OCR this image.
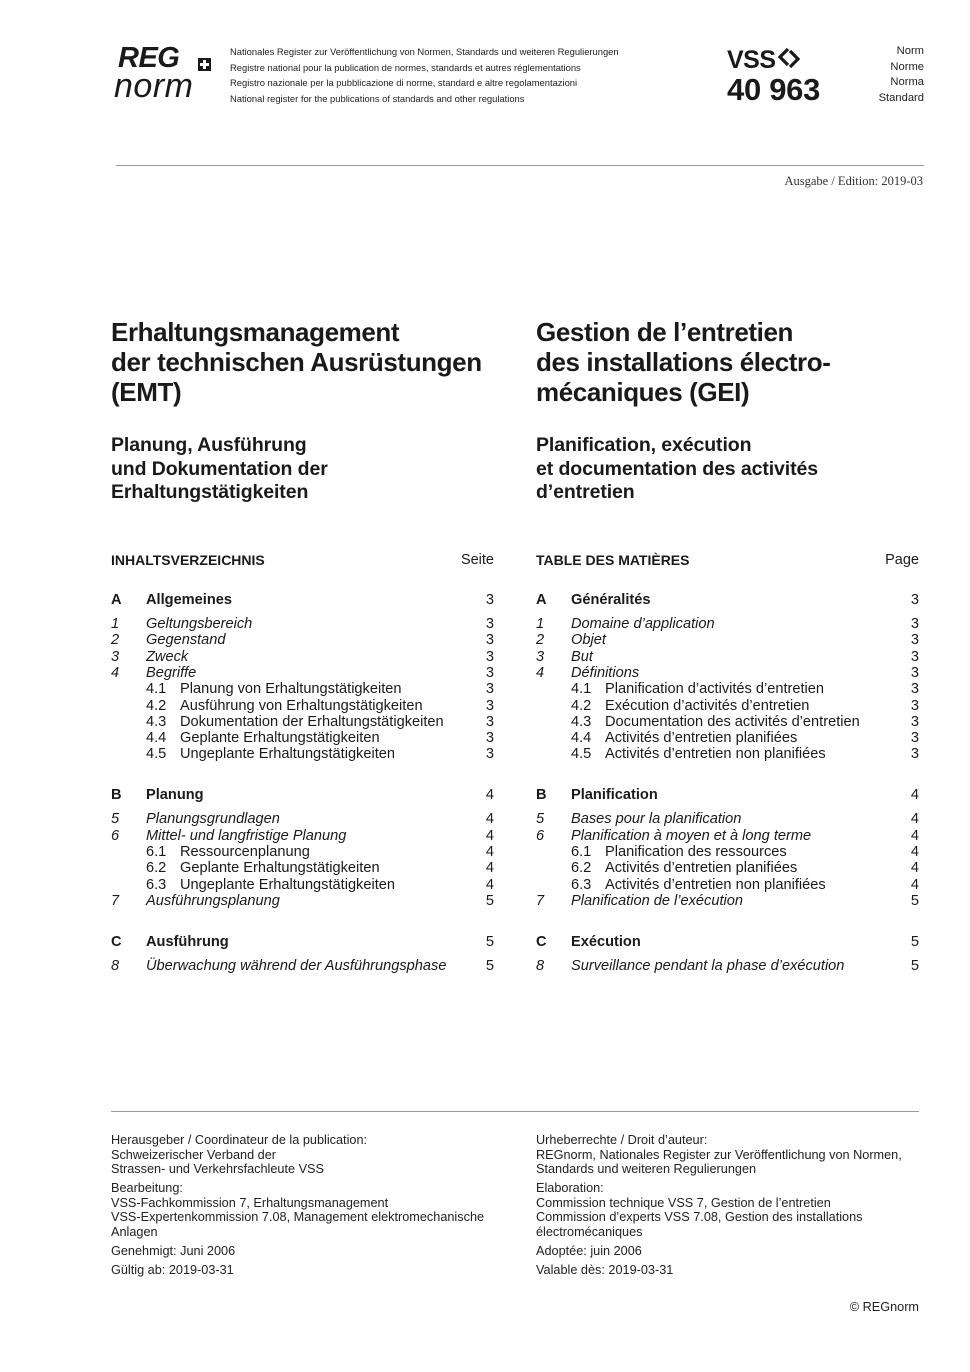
REG
norm
Nationales Register zur Veröffentlichung von Normen, Standards und weiteren Regulierungen
Registre national pour la publication de normes, standards et autres réglementations
Registro nazionale per la pubblicazione di norme, standard e altre regolamentazioni
National register for the publications of standards and other regulations
VSS
40 963
Norm
Norme
Norma
Standard
Ausgabe / Edition: 2019-03
Erhaltungsmanagement
der technischen Ausrüstungen
(EMT)
Gestion de l’entretien
des installations électro-
mécaniques (GEI)
Planung, Ausführung
und Dokumentation der
Erhaltungstätigkeiten
Planification, exécution
et documentation des activités
d’entretien
INHALTSVERZEICHNIS	Seite	TABLE DES MATIÈRES	Page
A Allgemeines	3
1 Geltungsbereich	3
2 Gegenstand	3
3 Zweck	3
4 Begriffe	3
4.1 Planung von Erhaltungstätigkeiten	3
4.2 Ausführung von Erhaltungstätigkeiten	3
4.3 Dokumentation der Erhaltungstätigkeiten	3
4.4 Geplante Erhaltungstätigkeiten	3
4.5 Ungeplante Erhaltungstätigkeiten	3
B Planung	4
5 Planungsgrundlagen	4
6 Mittel- und langfristige Planung	4
6.1 Ressourcenplanung	4
6.2 Geplante Erhaltungstätigkeiten	4
6.3 Ungeplante Erhaltungstätigkeiten	4
7 Ausführungsplanung	5
C Ausführung	5
8 Überwachung während der Ausführungsphase	5
A Généralités	3
1 Domaine d’application	3
2 Objet	3
3 But	3
4 Définitions	3
4.1 Planification d’activités d’entretien	3
4.2 Exécution d’activités d’entretien	3
4.3 Documentation des activités d’entretien	3
4.4 Activités d’entretien planifiées	3
4.5 Activités d’entretien non planifiées	3
B Planification	4
5 Bases pour la planification	4
6 Planification à moyen et à long terme	4
6.1 Planification des ressources	4
6.2 Activités d’entretien planifiées	4
6.3 Activités d’entretien non planifiées	4
7 Planification de l’exécution	5
C Exécution	5
8 Surveillance pendant la phase d’exécution	5

Herausgeber / Coordinateur de la publication:
Schweizerischer Verband der
Strassen- und Verkehrsfachleute VSS

Bearbeitung:
VSS-Fachkommission 7, Erhaltungsmanagement
VSS-Expertenkommission 7.08, Management elektromechanische
Anlagen

Genehmigt: Juni 2006

Gültig ab: 2019-03-31

Urheberrechte / Droit d’auteur:
REGnorm, Nationales Register zur Veröffentlichung von Normen,
Standards und weiteren Regulierungen

Elaboration:
Commission technique VSS 7, Gestion de l’entretien
Commission d’experts VSS 7.08, Gestion des installations
électromécaniques

Adoptée: juin 2006

Valable dès: 2019-03-31

© REGnorm
